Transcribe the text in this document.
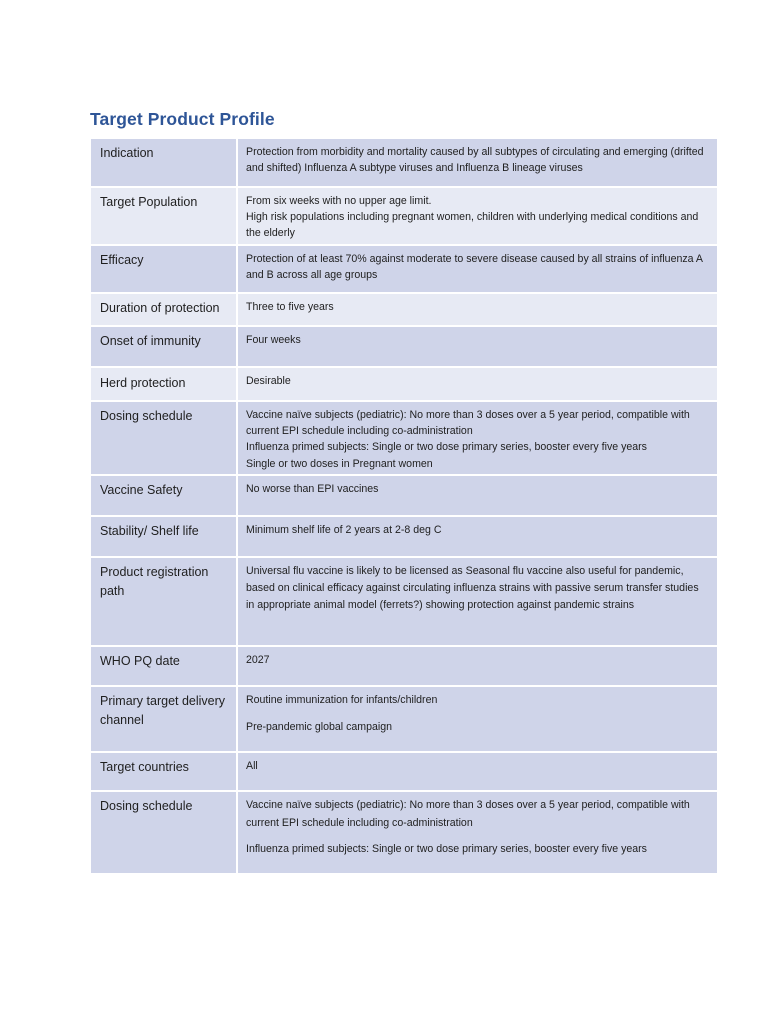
Target Product Profile
Indication	Protection from morbidity and mortality caused by all subtypes of circulating and emerging (drifted and shifted) Influenza A subtype viruses and Influenza B lineage viruses

Target Population	From six weeks with no upper age limit.
High risk populations including pregnant women, children with underlying medical conditions and the elderly

Efficacy	Protection of at least 70% against moderate to severe disease caused by all strains of influenza A and B across all age groups

Duration of protection	Three to five years

Onset of immunity	Four weeks

Herd protection	Desirable

Dosing schedule	Vaccine naïve subjects (pediatric): No more than 3 doses over a 5 year period, compatible with current EPI schedule including co-administration
Influenza primed subjects: Single or two dose primary series, booster every five years
Single or two doses in Pregnant women

Vaccine Safety	No worse than EPI vaccines

Stability/ Shelf life	Minimum shelf life of 2 years at 2-8 deg C

Product registration path	Universal flu vaccine is likely to be licensed as Seasonal flu vaccine also useful for pandemic, based on clinical efficacy against circulating influenza strains with passive serum transfer studies in appropriate animal model (ferrets?) showing protection against pandemic strains

WHO PQ date	2027

Primary target delivery channel	Routine immunization for infants/children
Pre-pandemic global campaign

Target countries	All

Dosing schedule	Vaccine naïve subjects (pediatric): No more than 3 doses over a 5 year period, compatible with current EPI schedule including co-administration
Influenza primed subjects: Single or two dose primary series, booster every five years
